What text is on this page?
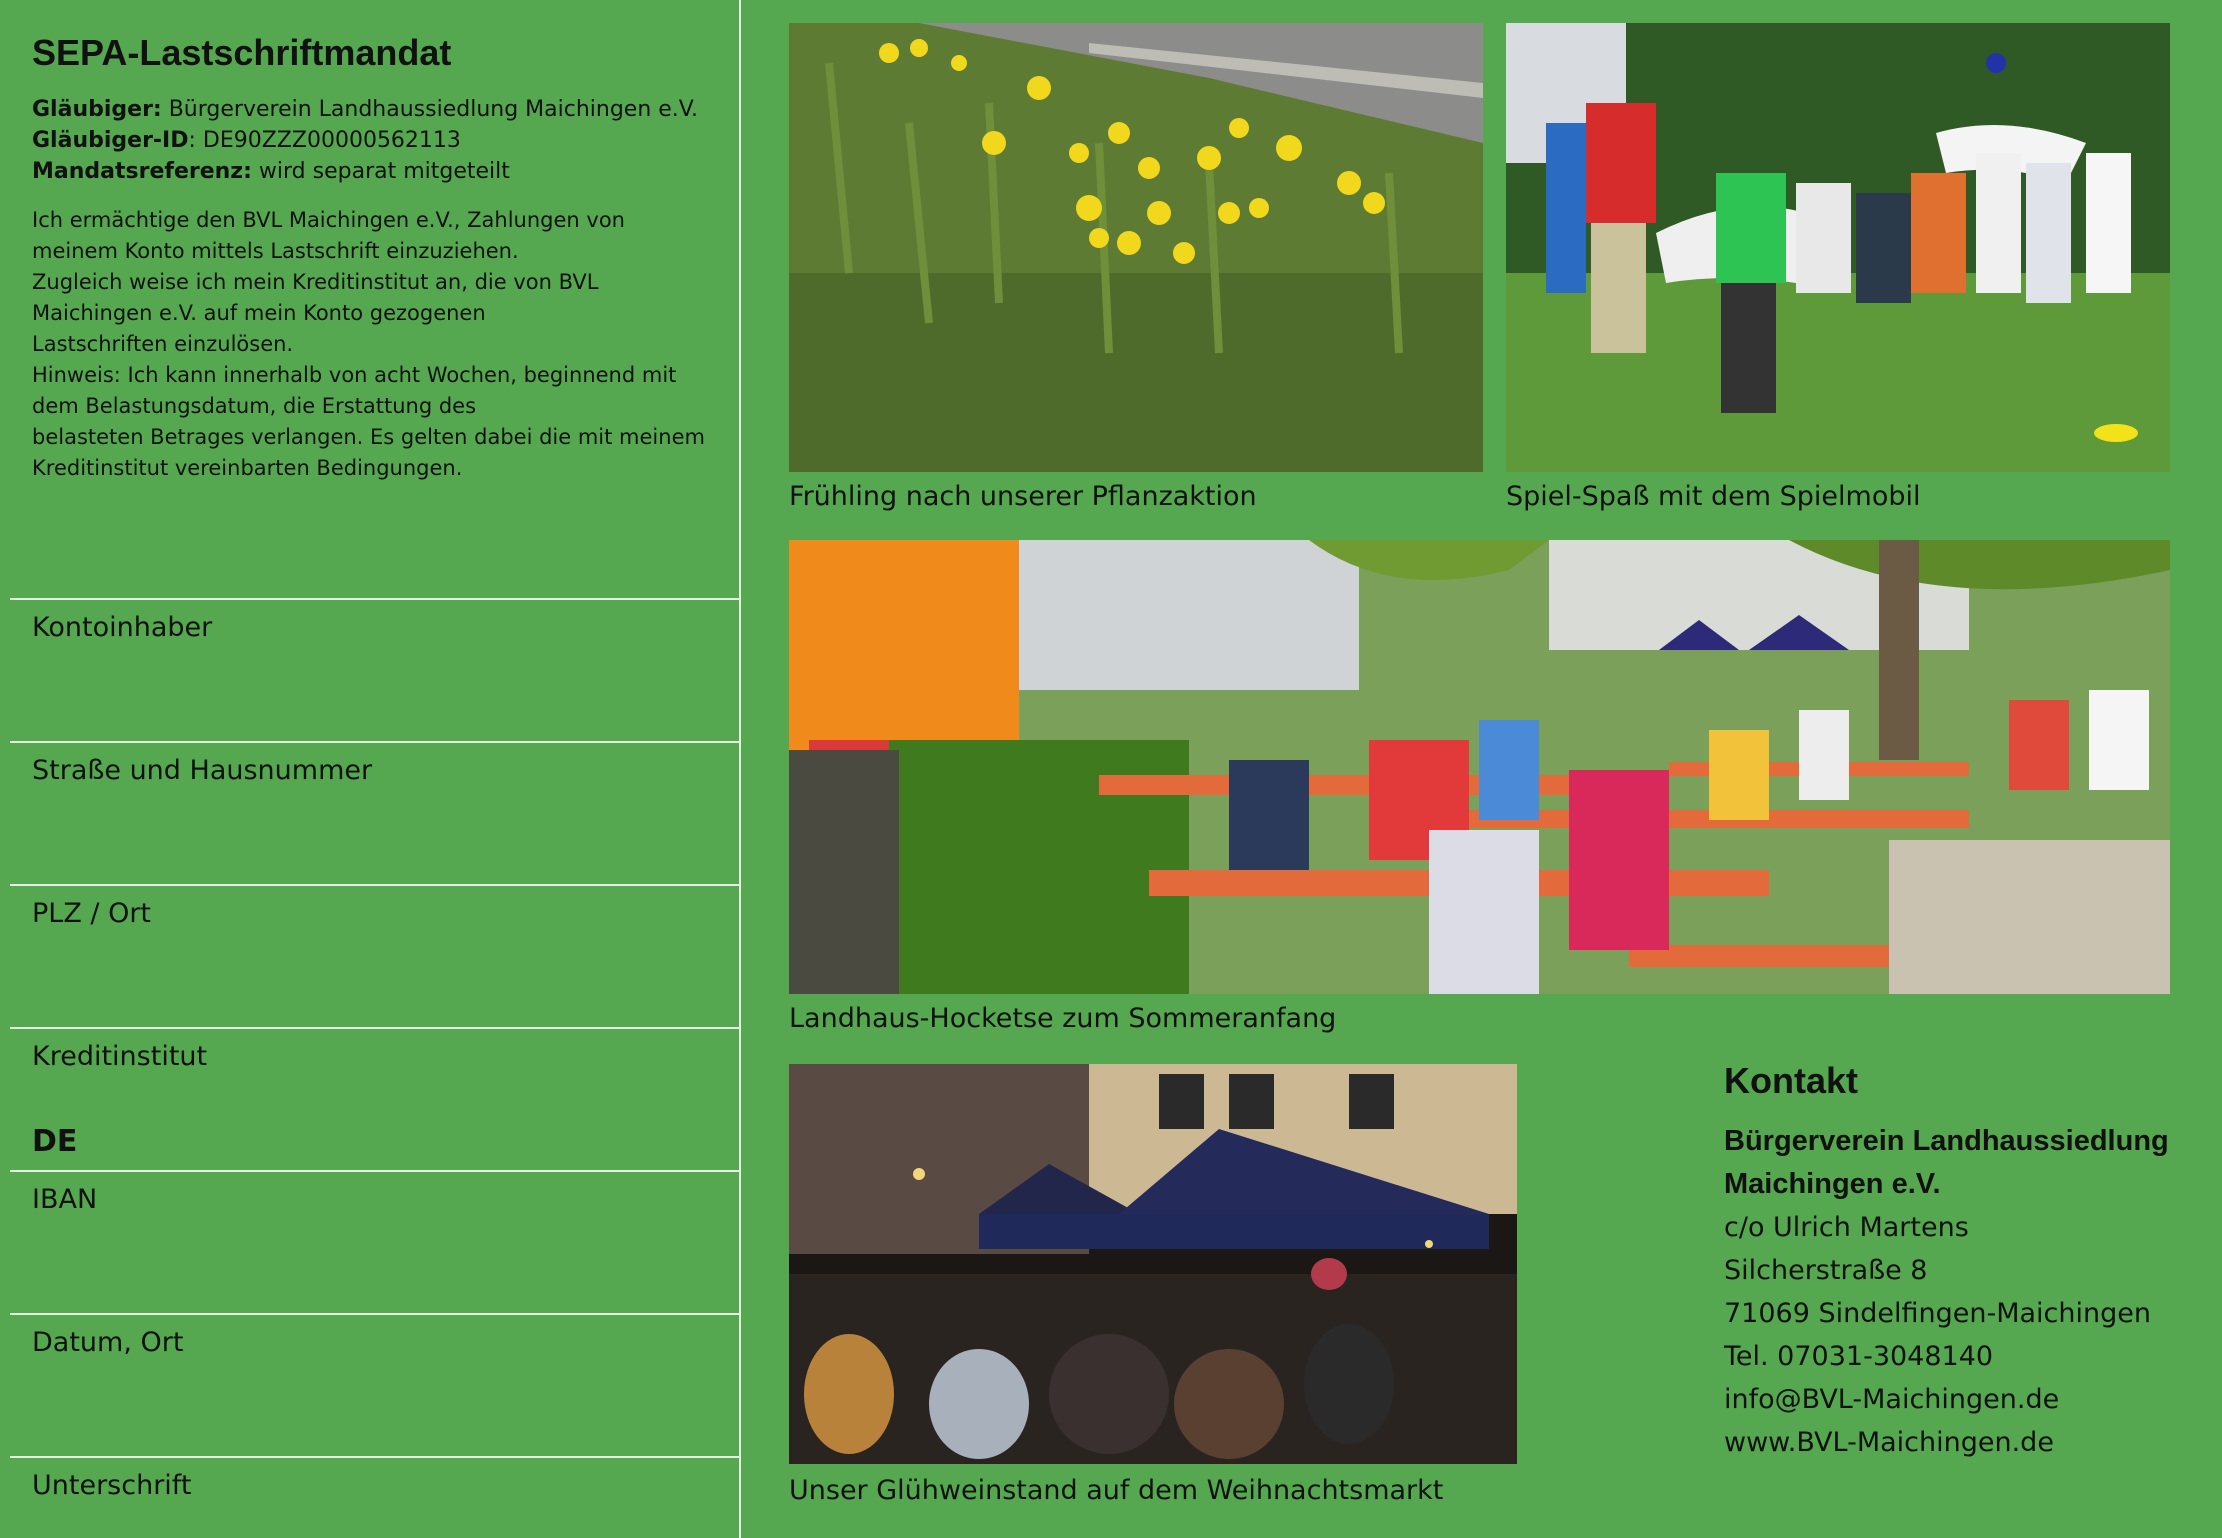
SEPA-Lastschriftmandat
Gläubiger: Bürgerverein Landhaussiedlung Maichingen e.V.
Gläubiger-ID: DE90ZZZ00000562113
Mandatsreferenz: wird separat mitgeteilt
Ich ermächtige den BVL Maichingen e.V., Zahlungen von
meinem Konto mittels Lastschrift einzuziehen.
Zugleich weise ich mein Kreditinstitut an, die von BVL
Maichingen e.V. auf mein Konto gezogenen
Lastschriften einzulösen.
Hinweis: Ich kann innerhalb von acht Wochen, beginnend mit
dem Belastungsdatum, die Erstattung des
belasteten Betrages verlangen. Es gelten dabei die mit meinem
Kreditinstitut vereinbarten Bedingungen.
Kontoinhaber
Straße und Hausnummer
PLZ / Ort
Kreditinstitut
DE
IBAN
Datum, Ort
Unterschrift
Frühling nach unserer Pflanzaktion	Spiel-Spaß mit dem Spielmobil
Landhaus-Hocketse zum Sommeranfang
Unser Glühweinstand auf dem Weihnachtsmarkt
Kontakt
Bürgerverein Landhaussiedlung
Maichingen e.V.
c/o Ulrich Martens
Silcherstraße 8
71069 Sindelfingen-Maichingen
Tel. 07031-3048140
info@BVL-Maichingen.de
www.BVL-Maichingen.de
